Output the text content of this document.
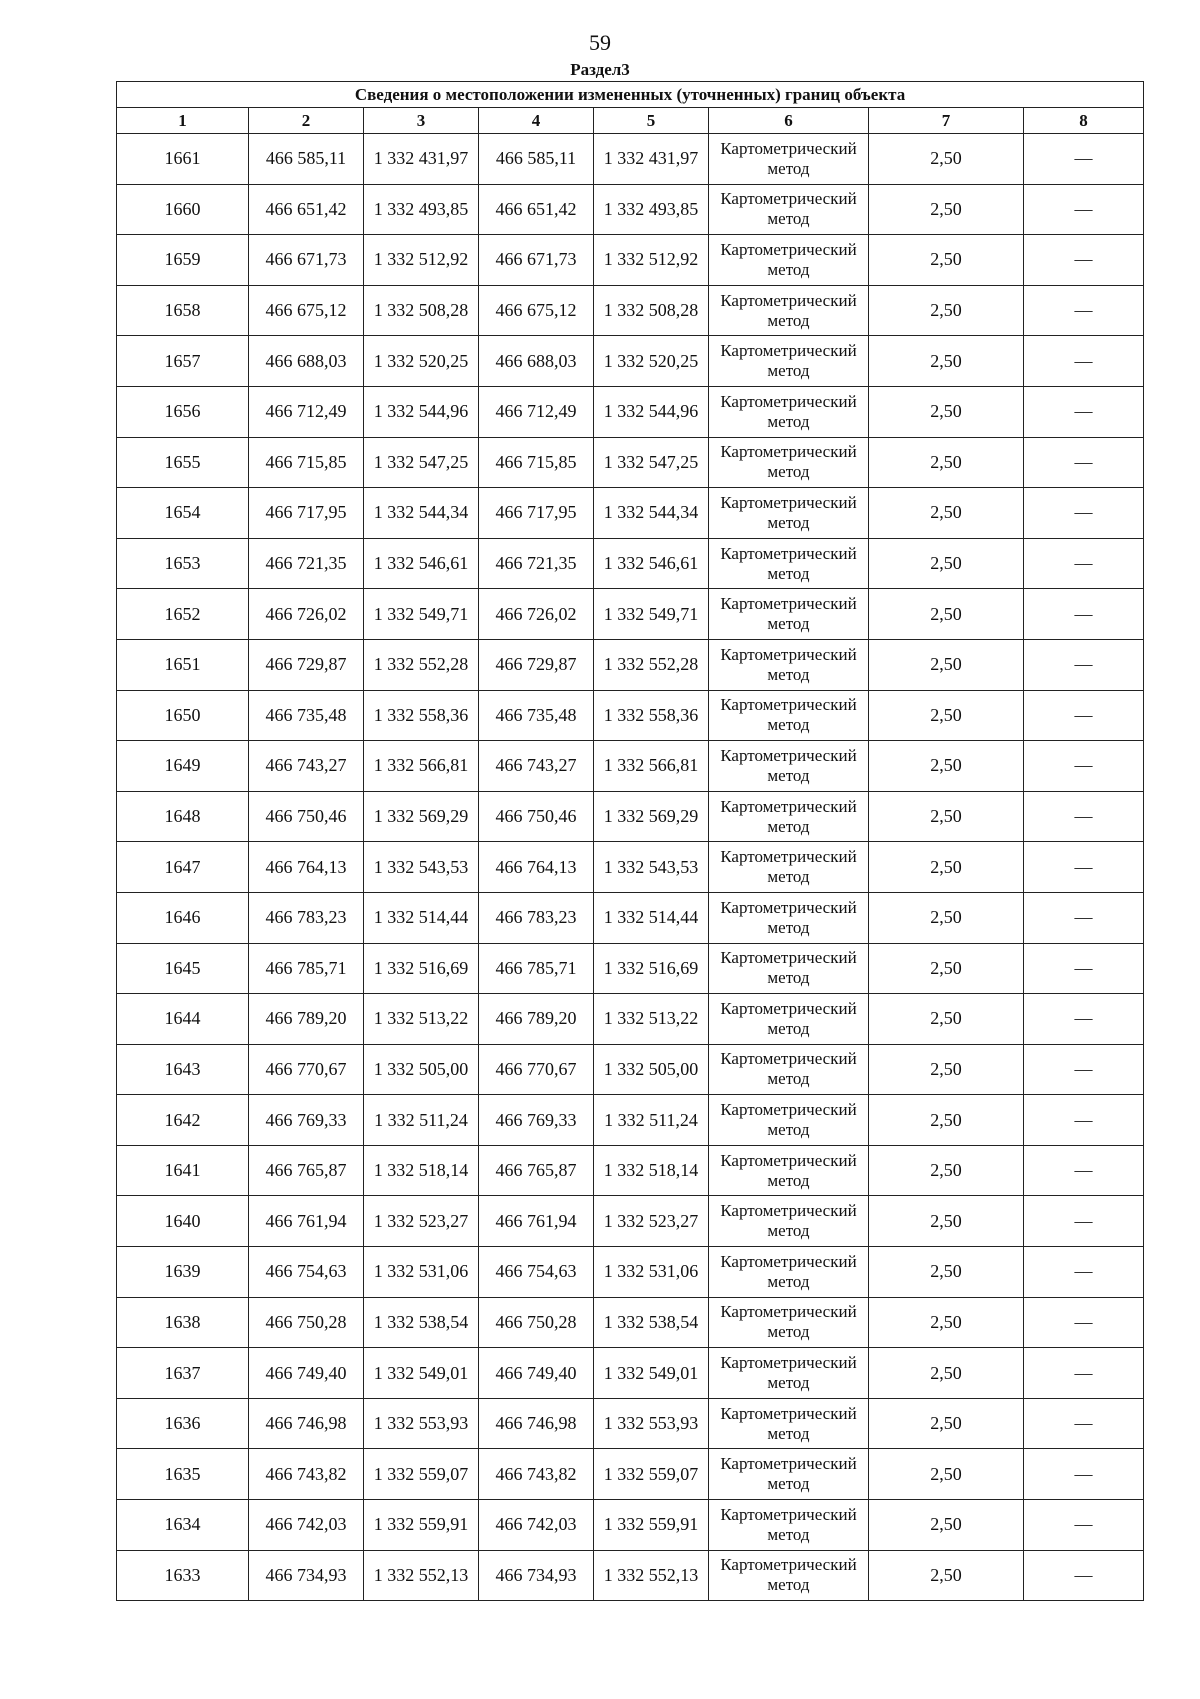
59
Раздел3
Сведения о местоположении измененных (уточненных) границ объекта							
1	2	3	4	5	6	7	8
1661	466 585,11	1 332 431,97	466 585,11	1 332 431,97	Картометрический метод	2,50	—
1660	466 651,42	1 332 493,85	466 651,42	1 332 493,85	Картометрический метод	2,50	—
1659	466 671,73	1 332 512,92	466 671,73	1 332 512,92	Картометрический метод	2,50	—
1658	466 675,12	1 332 508,28	466 675,12	1 332 508,28	Картометрический метод	2,50	—
1657	466 688,03	1 332 520,25	466 688,03	1 332 520,25	Картометрический метод	2,50	—
1656	466 712,49	1 332 544,96	466 712,49	1 332 544,96	Картометрический метод	2,50	—
1655	466 715,85	1 332 547,25	466 715,85	1 332 547,25	Картометрический метод	2,50	—
1654	466 717,95	1 332 544,34	466 717,95	1 332 544,34	Картометрический метод	2,50	—
1653	466 721,35	1 332 546,61	466 721,35	1 332 546,61	Картометрический метод	2,50	—
1652	466 726,02	1 332 549,71	466 726,02	1 332 549,71	Картометрический метод	2,50	—
1651	466 729,87	1 332 552,28	466 729,87	1 332 552,28	Картометрический метод	2,50	—
1650	466 735,48	1 332 558,36	466 735,48	1 332 558,36	Картометрический метод	2,50	—
1649	466 743,27	1 332 566,81	466 743,27	1 332 566,81	Картометрический метод	2,50	—
1648	466 750,46	1 332 569,29	466 750,46	1 332 569,29	Картометрический метод	2,50	—
1647	466 764,13	1 332 543,53	466 764,13	1 332 543,53	Картометрический метод	2,50	—
1646	466 783,23	1 332 514,44	466 783,23	1 332 514,44	Картометрический метод	2,50	—
1645	466 785,71	1 332 516,69	466 785,71	1 332 516,69	Картометрический метод	2,50	—
1644	466 789,20	1 332 513,22	466 789,20	1 332 513,22	Картометрический метод	2,50	—
1643	466 770,67	1 332 505,00	466 770,67	1 332 505,00	Картометрический метод	2,50	—
1642	466 769,33	1 332 511,24	466 769,33	1 332 511,24	Картометрический метод	2,50	—
1641	466 765,87	1 332 518,14	466 765,87	1 332 518,14	Картометрический метод	2,50	—
1640	466 761,94	1 332 523,27	466 761,94	1 332 523,27	Картометрический метод	2,50	—
1639	466 754,63	1 332 531,06	466 754,63	1 332 531,06	Картометрический метод	2,50	—
1638	466 750,28	1 332 538,54	466 750,28	1 332 538,54	Картометрический метод	2,50	—
1637	466 749,40	1 332 549,01	466 749,40	1 332 549,01	Картометрический метод	2,50	—
1636	466 746,98	1 332 553,93	466 746,98	1 332 553,93	Картометрический метод	2,50	—
1635	466 743,82	1 332 559,07	466 743,82	1 332 559,07	Картометрический метод	2,50	—
1634	466 742,03	1 332 559,91	466 742,03	1 332 559,91	Картометрический метод	2,50	—
1633	466 734,93	1 332 552,13	466 734,93	1 332 552,13	Картометрический метод	2,50	—
